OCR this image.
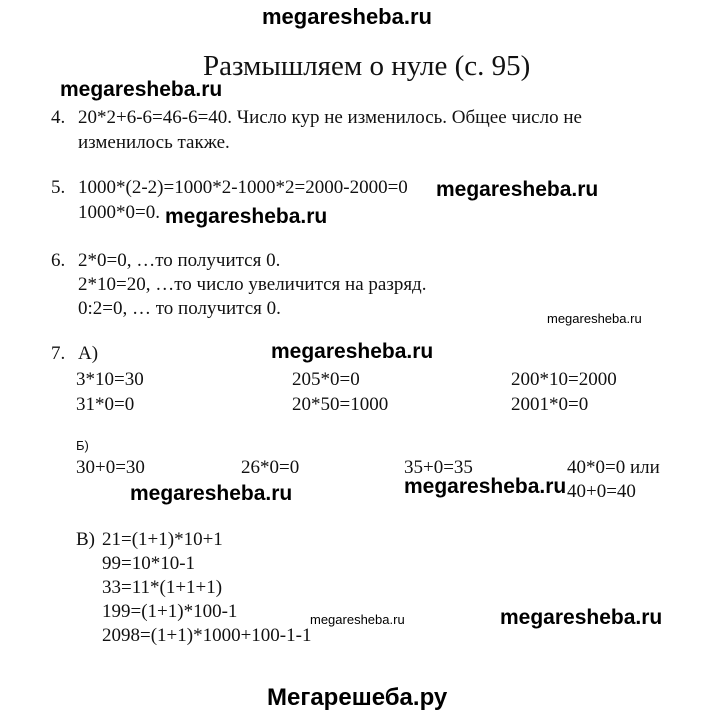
megaresheba.ru
Размышляем о нуле (с. 95)
megaresheba.ru
4. 20*2+6-6=46-6=40. Число кур не изменилось. Общее число не
изменилось также.
5. 1000*(2-2)=1000*2-1000*2=2000-2000=0 megaresheba.ru
1000*0=0. megaresheba.ru
6. 2*0=0, …то получится 0.
2*10=20, …то число увеличится на разряд.
0:2=0, … то получится 0.	megaresheba.ru
7. А)	megaresheba.ru
3*10=30	205*0=0	200*10=2000
31*0=0	20*50=1000	2001*0=0
Б)
30+0=30	26*0=0	35+0=35	40*0=0 или
40+0=40
megaresheba.ru	megaresheba.ru
В) 21=(1+1)*10+1
99=10*10-1
33=11*(1+1+1)
199=(1+1)*100-1
2098=(1+1)*1000+100-1-1
megaresheba.ru	megaresheba.ru
Мегарешеба.ру
